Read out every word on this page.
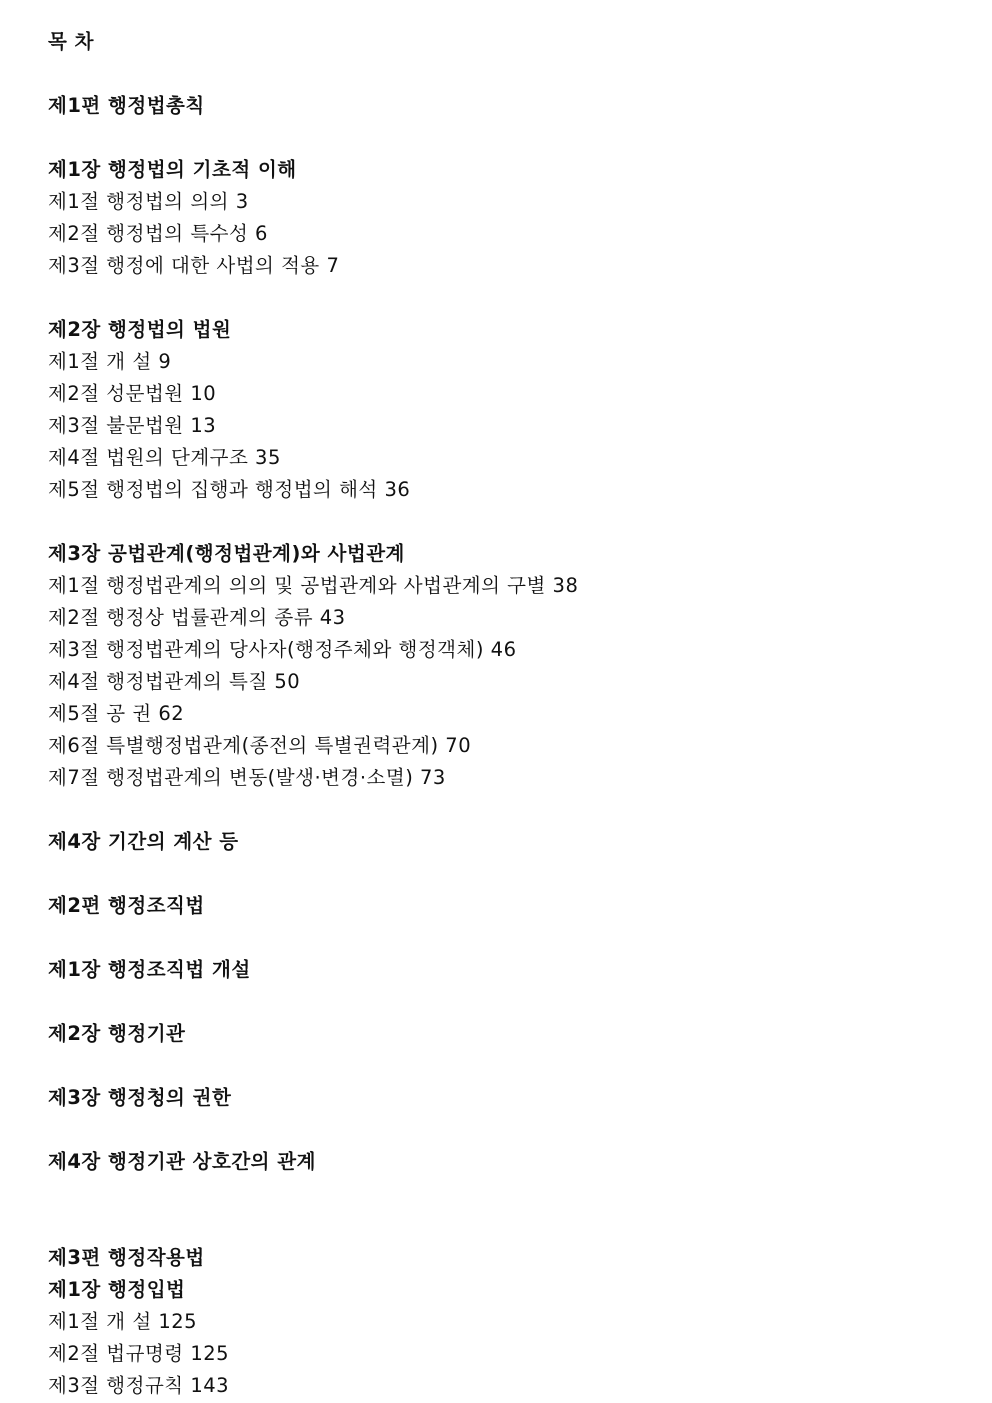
목 차
제1편 행정법총칙
제1장 행정법의 기초적 이해
제1절 행정법의 의의 3
제2절 행정법의 특수성 6
제3절 행정에 대한 사법의 적용 7
제2장 행정법의 법원
제1절 개 설 9
제2절 성문법원 10
제3절 불문법원 13
제4절 법원의 단계구조 35
제5절 행정법의 집행과 행정법의 해석 36
제3장 공법관계(행정법관계)와 사법관계
제1절 행정법관계의 의의 및 공법관계와 사법관계의 구별 38
제2절 행정상 법률관계의 종류 43
제3절 행정법관계의 당사자(행정주체와 행정객체) 46
제4절 행정법관계의 특질 50
제5절 공 권 62
제6절 특별행정법관계(종전의 특별권력관계) 70
제7절 행정법관계의 변동(발생·변경·소멸) 73
제4장 기간의 계산 등
제2편 행정조직법
제1장 행정조직법 개설
제2장 행정기관
제3장 행정청의 권한
제4장 행정기관 상호간의 관계
제3편 행정작용법
제1장 행정입법
제1절 개 설 125
제2절 법규명령 125
제3절 행정규칙 143
